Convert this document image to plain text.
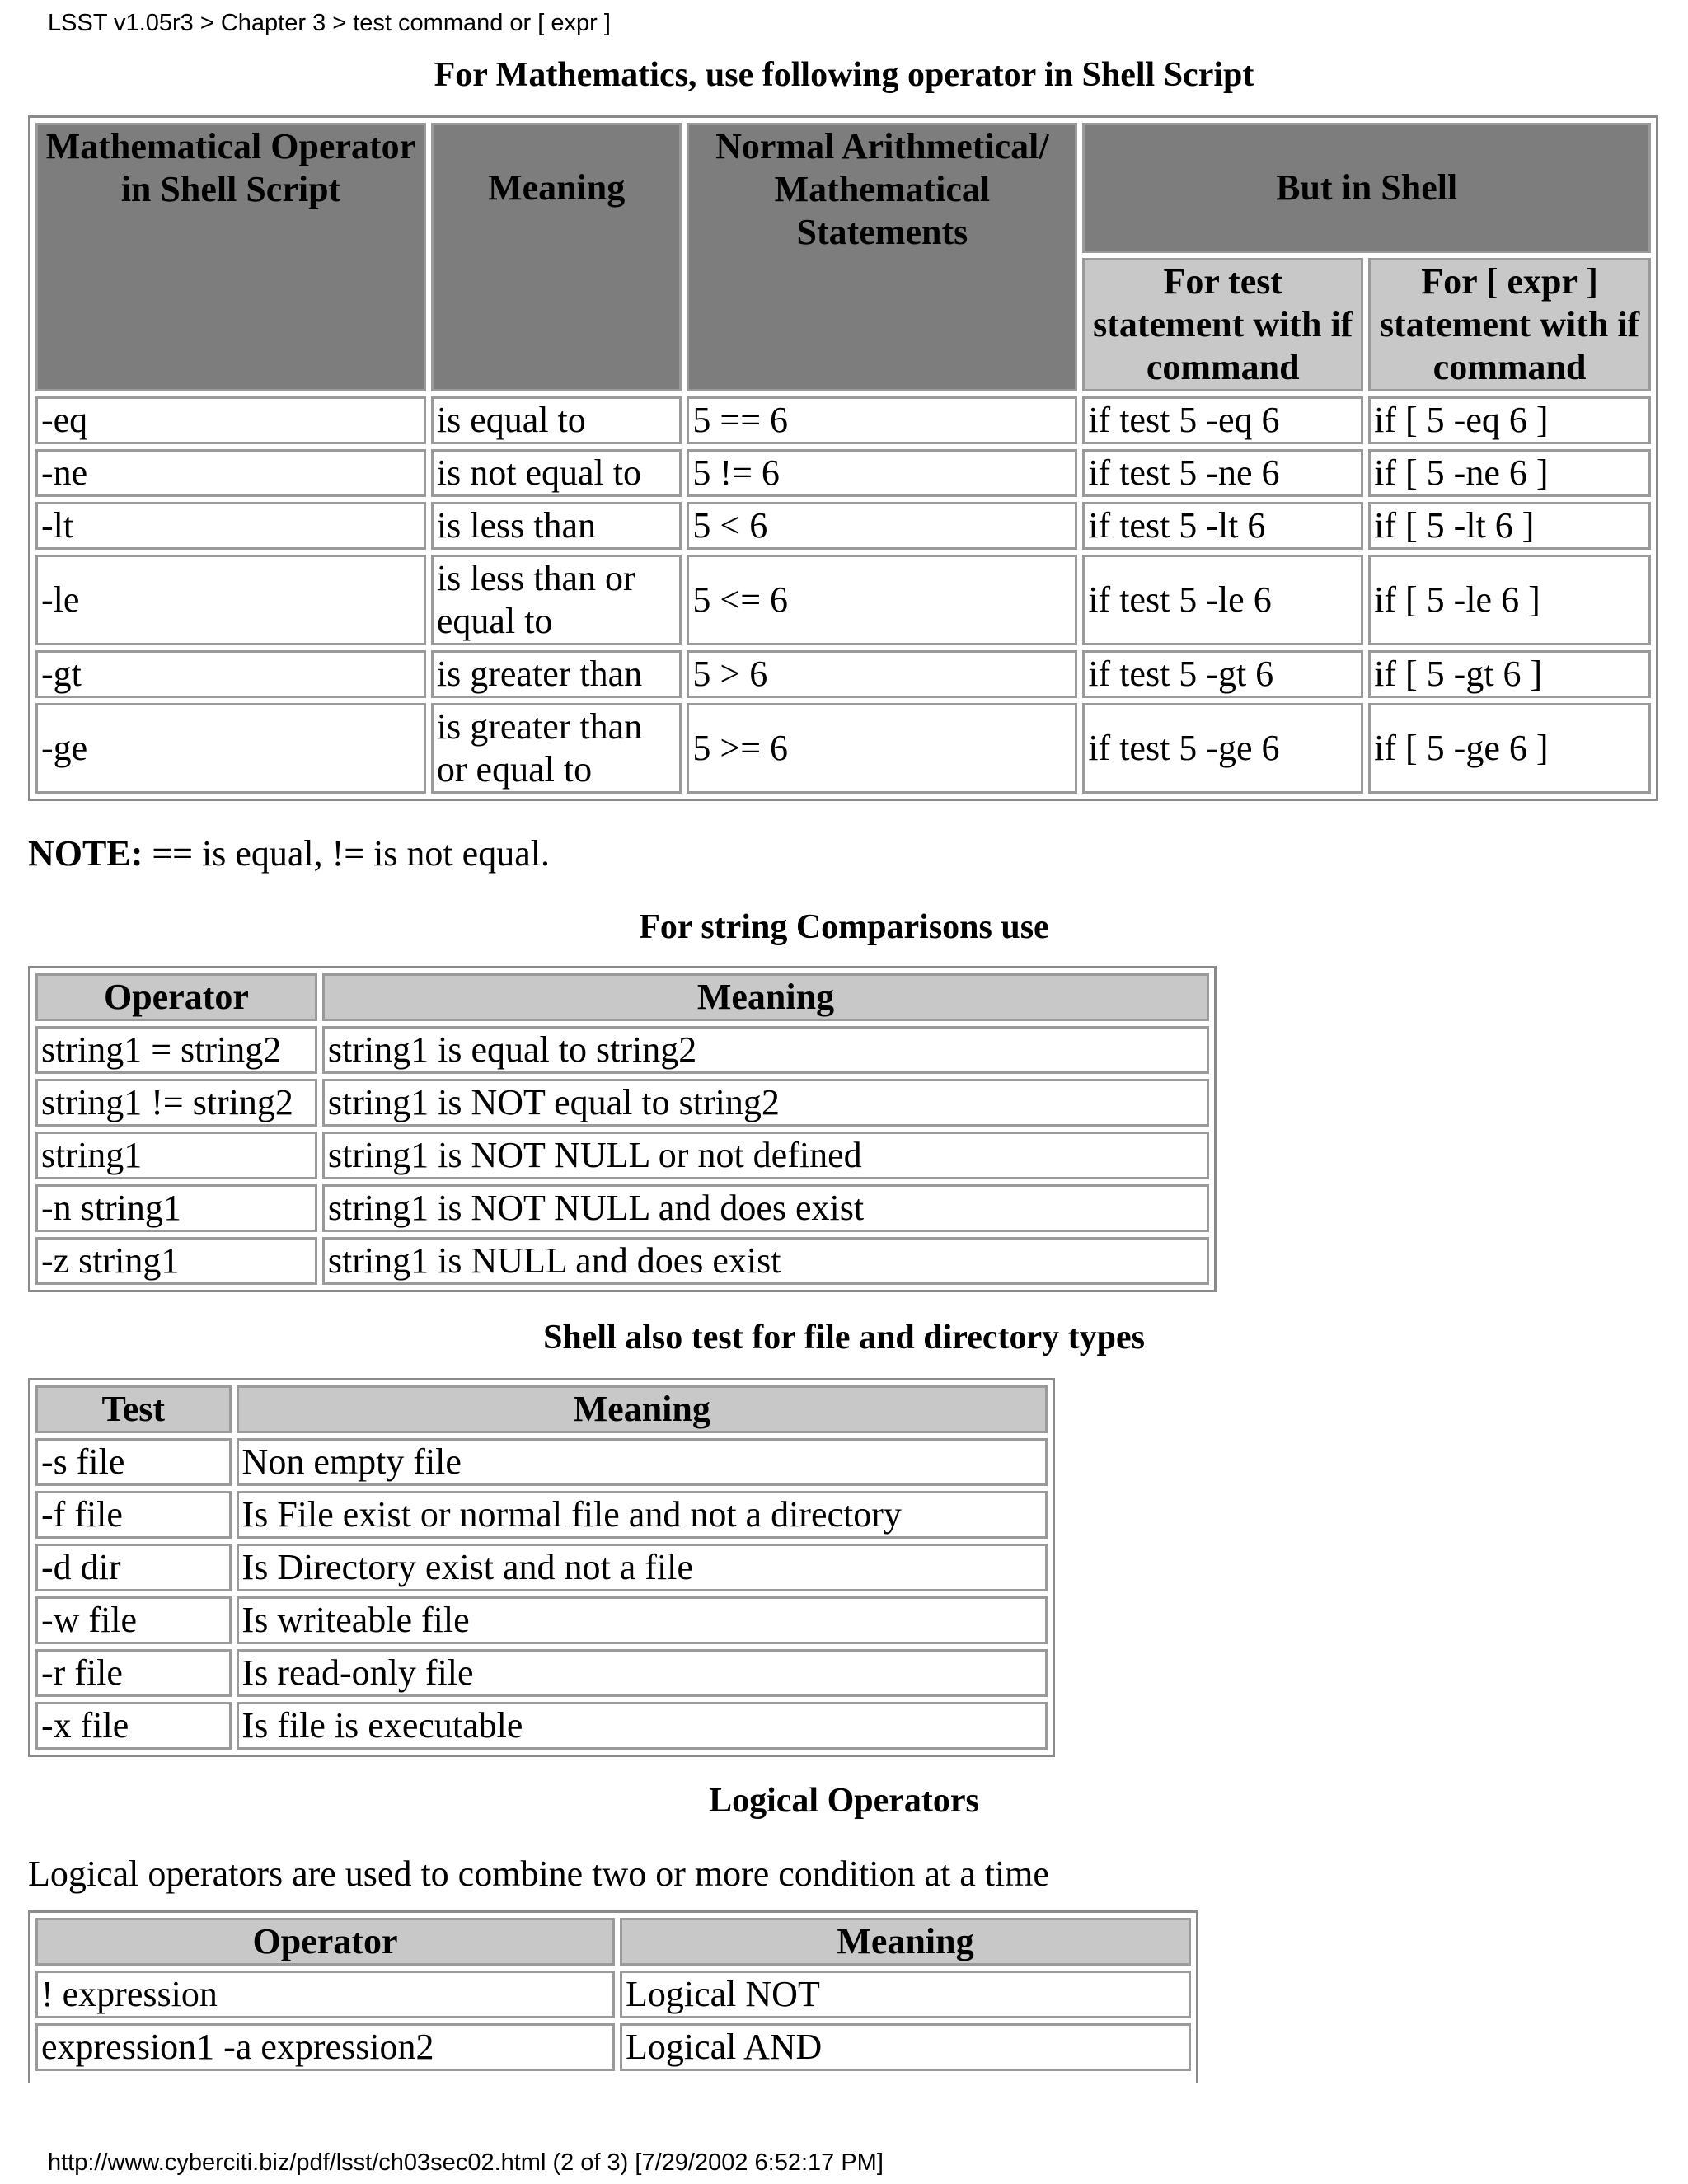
LSST v1.05r3 > Chapter 3 > test command or [ expr ]
For Mathematics, use following operator in Shell Script
Mathematical Operator in Shell Script	Meaning	Normal Arithmetical/ Mathematical Statements	But in Shell	
			For test statement with if command	For [ expr ] statement with if command
-eq	is equal to	5 == 6	if test 5 -eq 6	if [ 5 -eq 6 ]
-ne	is not equal to	5 != 6	if test 5 -ne 6	if [ 5 -ne 6 ]
-lt	is less than	5 < 6	if test 5 -lt 6	if [ 5 -lt 6 ]
-le	is less than or equal to	5 <= 6	if test 5 -le 6	if [ 5 -le 6 ]
-gt	is greater than	5 > 6	if test 5 -gt 6	if [ 5 -gt 6 ]
-ge	is greater than or equal to	5 >= 6	if test 5 -ge 6	if [ 5 -ge 6 ]
NOTE: == is equal, != is not equal.
For string Comparisons use
Operator	Meaning
string1 = string2	string1 is equal to string2
string1 != string2	string1 is NOT equal to string2
string1	string1 is NOT NULL or not defined
-n string1	string1 is NOT NULL and does exist
-z string1	string1 is NULL and does exist
Shell also test for file and directory types
Test	Meaning
-s file	Non empty file
-f file	Is File exist or normal file and not a directory
-d dir	Is Directory exist and not a file
-w file	Is writeable file
-r file	Is read-only file
-x file	Is file is executable
Logical Operators
Logical operators are used to combine two or more condition at a time
Operator	Meaning
! expression	Logical NOT
expression1 -a expression2	Logical AND

http://www.cyberciti.biz/pdf/lsst/ch03sec02.html (2 of 3) [7/29/2002 6:52:17 PM]
